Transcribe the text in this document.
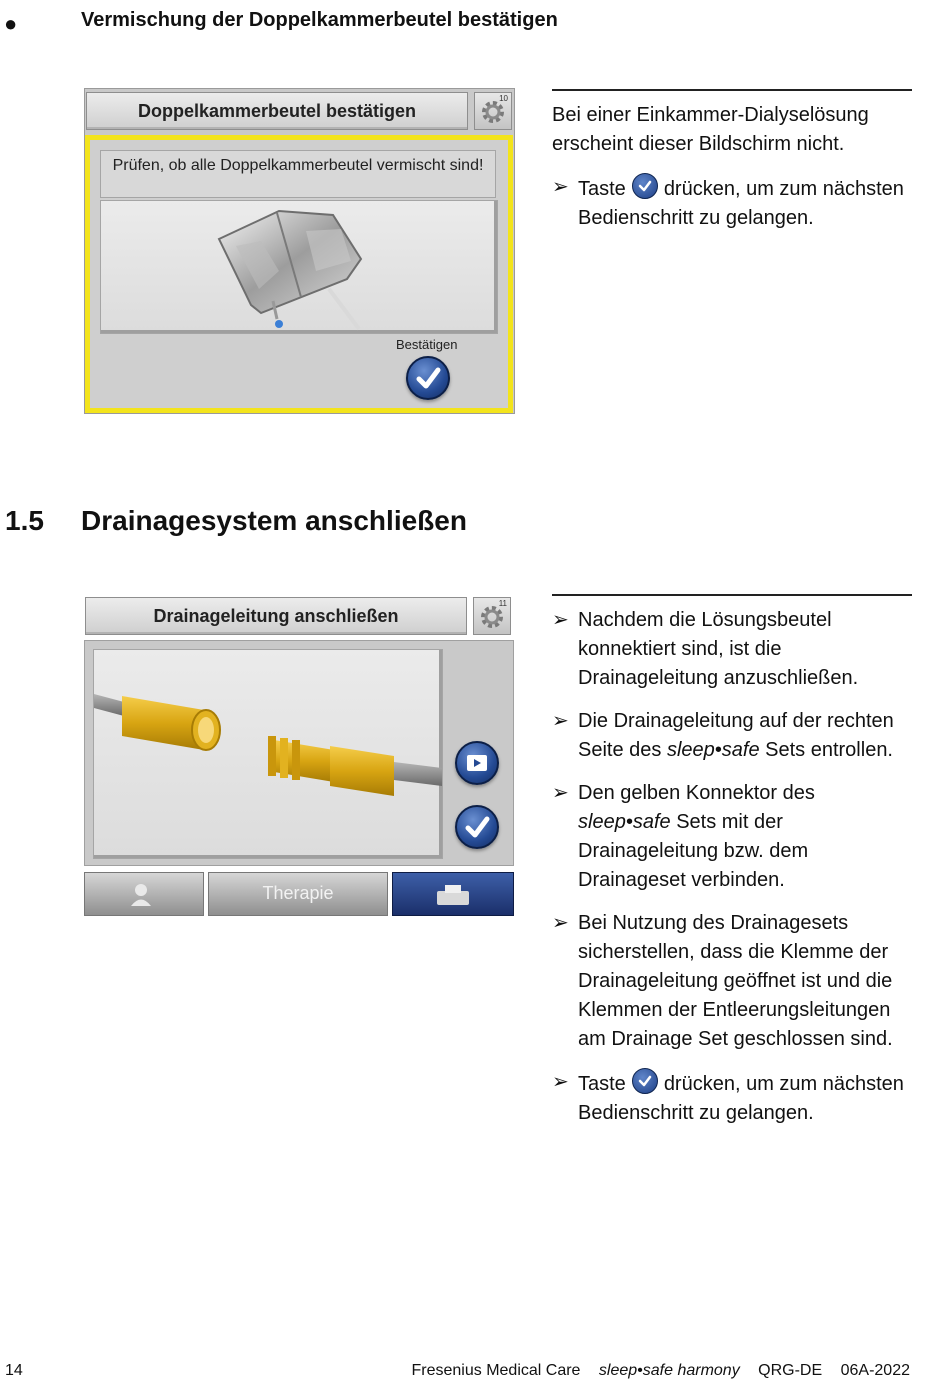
●	Vermischung der Doppelkammerbeutel bestätigen
Doppelkammerbeutel bestätigen
10
Prüfen, ob alle Doppelkammerbeutel vermischt sind!
Bestätigen

Bei einer Einkammer-Dialyselösung erscheint dieser Bildschirm nicht.

➢ Taste drücken, um zum nächsten Bedienschritt zu gelangen.
1.5 Drainagesystem anschließen
Drainageleitung anschließen
11
Therapie
➢ Nachdem die Lösungsbeutel konnektiert sind, ist die Drainageleitung anzuschließen.
➢ Die Drainageleitung auf der rechten Seite des sleep•safe Sets entrollen.
➢ Den gelben Konnektor des sleep•safe Sets mit der Drainageleitung bzw. dem Drainageset verbinden.
➢ Bei Nutzung des Drainagesets sicherstellen, dass die Klemme der Drainageleitung geöffnet ist und die Klemmen der Entleerungsleitungen am Drainage Set geschlossen sind.
➢ Taste drücken, um zum nächsten Bedienschritt zu gelangen.
14	Fresenius Medical Care sleep•safe harmony QRG-DE 06A-2022
